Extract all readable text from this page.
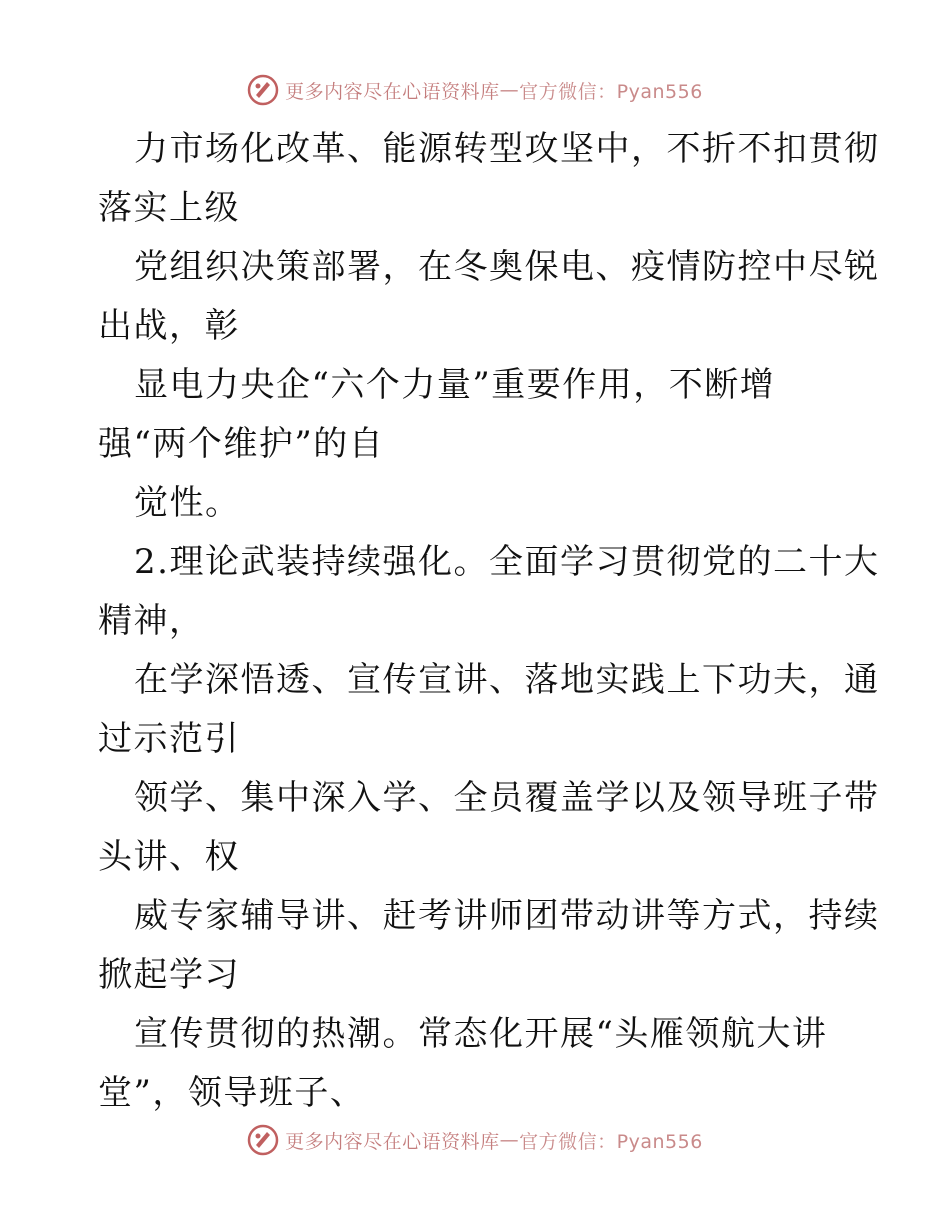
更多内容尽在心语资料库 — 官方微信：Pyan556
力市场化改革、能源转型攻坚中，不折不扣贯彻
落实上级
党组织决策部署，在冬奥保电、疫情防控中尽锐
出战，彰
显电力央企“六个力量”重要作用，不断增
强“两个维护”的自
觉性。
2.理论武装持续强化。全面学习贯彻党的二十大
精神，
在学深悟透、宣传宣讲、落地实践上下功夫，通
过示范引
领学、集中深入学、全员覆盖学以及领导班子带
头讲、权
威专家辅导讲、赶考讲师团带动讲等方式，持续
掀起学习
宣传贯彻的热潮。常态化开展“头雁领航大讲
堂”，领导班子、
更多内容尽在心语资料库 — 官方微信：Pyan556
